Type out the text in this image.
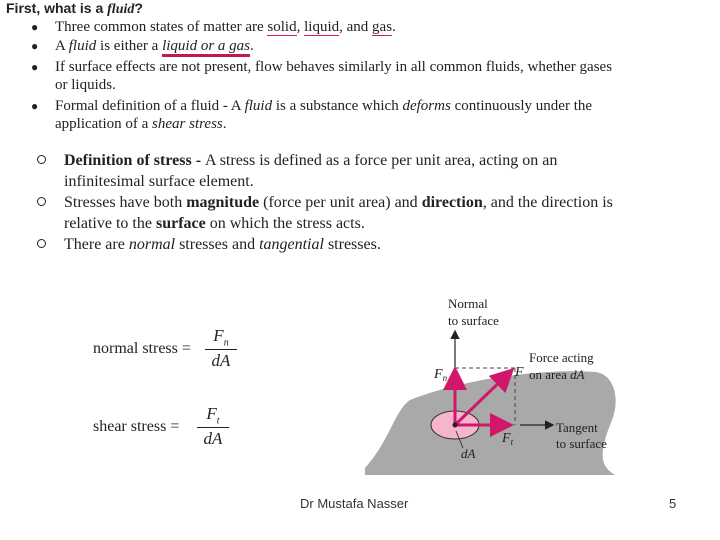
First, what is a fluid?
● Three common states of matter are solid, liquid, and gas.
● A fluid is either a liquid or a gas.
● If surface effects are not present, flow behaves similarly in all common fluids, whether gases
or liquids.
● Formal definition of a fluid - A fluid is a substance which deforms continuously under the
application of a shear stress.
Definition of stress - A stress is defined as a force per unit area, acting on an
infinitesimal surface element.
Stresses have both magnitude (force per unit area) and direction, and the direction is
relative to the surface on which the stress acts.
There are normal stresses and tangential stresses.
normal stress =
$F_n$
dA
shear stress =
$F_t$
dA
Normal
to surface
Force acting
on area dA
F
$F_n$
$F_t$
dA
Tangent
to surface
Dr Mustafa Nasser	5
